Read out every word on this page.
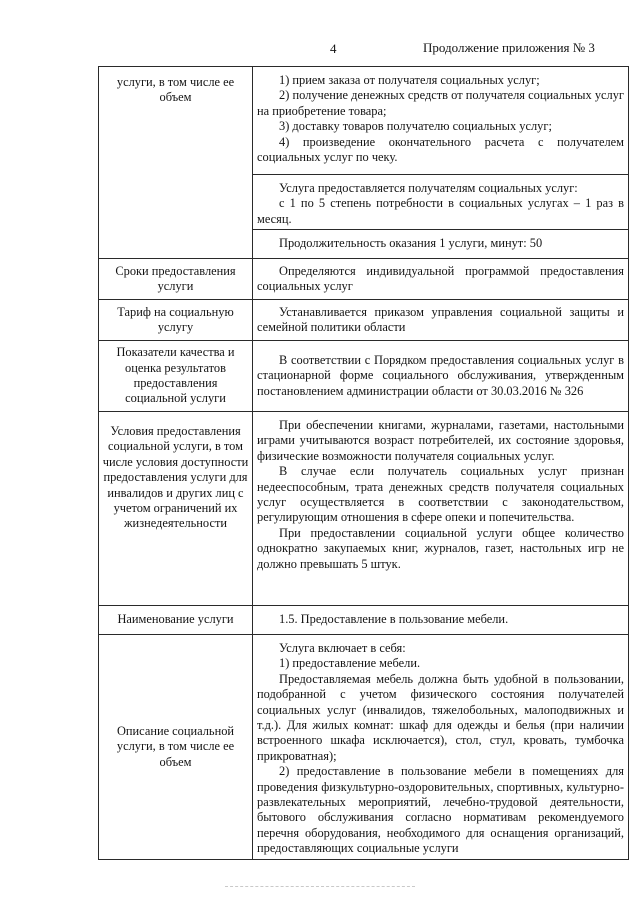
4	Продолжение приложения № 3
услуги, в том числе ее объем	1) прием заказа от получателя социальных услуг;

2) получение денежных средств от получателя социальных услуг на приобретение товара;

3) доставку товаров получателю социальных услуг;

4) произведение окончательного расчета с получателем социальных услуг по чеку.

	Услуга предоставляется получателям социальных услуг:

с 1 по 5 степень потребности в социальных услугах – 1 раз в месяц.

	Продолжительность оказания 1 услуги, минут: 50

Сроки предоставления услуги	Определяются индивидуальной программой предоставления социальных услуг

Тариф на социальную услугу	Устанавливается приказом управления социальной защиты и семейной политики области

Показатели качества и оценка результатов предоставления социальной услуги	В соответствии с Порядком предоставления социальных услуг в стационарной форме социального обслуживания, утвержденным постановлением администрации области от 30.03.2016 № 326

Условия предоставления социальной услуги, в том числе условия доступности предоставления услуги для инвалидов и других лиц с учетом ограничений их жизнедеятельности	При обеспечении книгами, журналами, газетами, настольными играми учитываются возраст потребителей, их состояние здоровья, физические возможности получателя социальных услуг.

В случае если получатель социальных услуг признан недееспособным, трата денежных средств получателя социальных услуг осуществляется в соответствии с законодательством, регулирующим отношения в сфере опеки и попечительства.

При предоставлении социальной услуги общее количество однократно закупаемых книг, журналов, газет, настольных игр не должно превышать 5 штук.

Наименование услуги	1.5. Предоставление в пользование мебели.

Описание социальной услуги, в том числе ее объем	Услуга включает в себя:

1) предоставление мебели.

Предоставляемая мебель должна быть удобной в пользовании, подобранной с учетом физического состояния получателей социальных услуг (инвалидов, тяжелобольных, малоподвижных и т.д.). Для жилых комнат: шкаф для одежды и белья (при наличии встроенного шкафа исключается), стол, стул, кровать, тумбочка прикроватная);

2) предоставление в пользование мебели в помещениях для проведения физкультурно-оздоровительных, спортивных, культурно-развлекательных мероприятий, лечебно-трудовой деятельности, бытового обслуживания согласно нормативам рекомендуемого перечня оборудования, необходимого для оснащения организаций, предоставляющих социальные услуги
